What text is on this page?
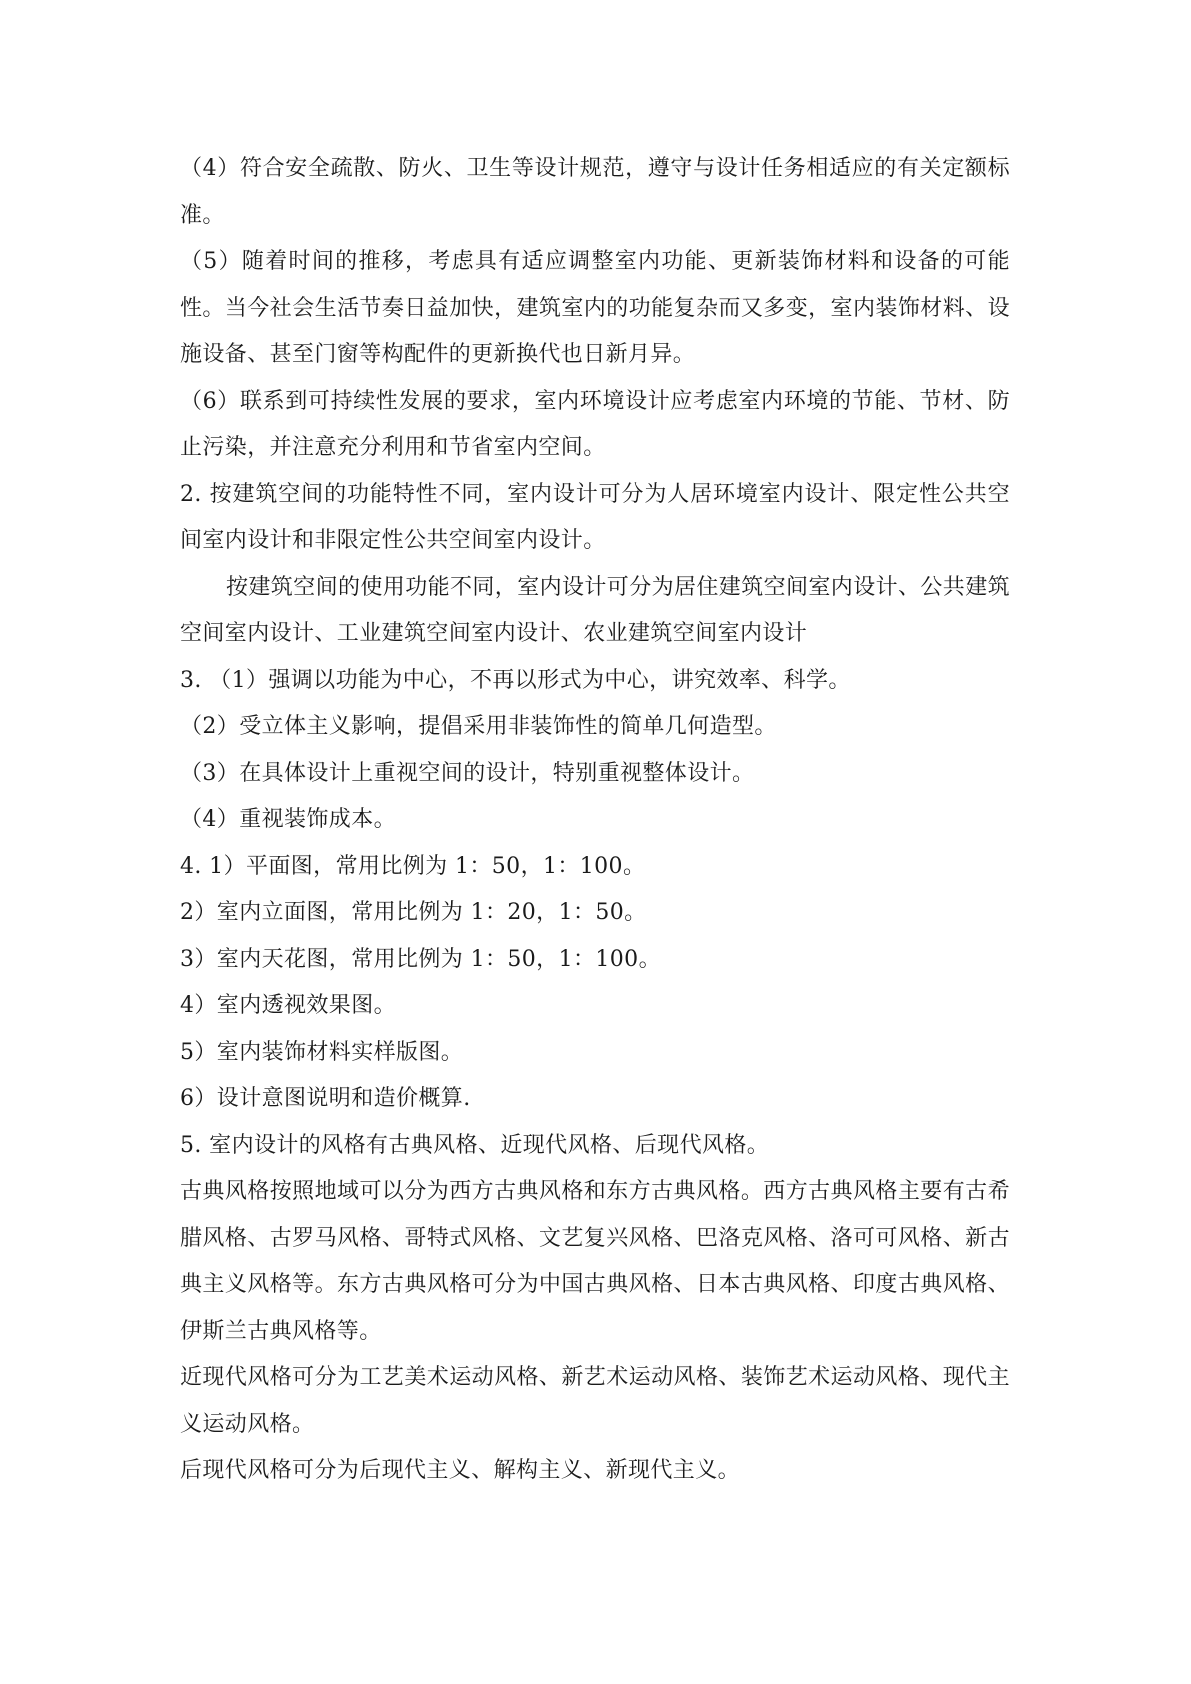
（4）符合安全疏散、防火、卫生等设计规范，遵守与设计任务相适应的有关定额标准。

（5）随着时间的推移，考虑具有适应调整室内功能、更新装饰材料和设备的可能性。当今社会生活节奏日益加快，建筑室内的功能复杂而又多变，室内装饰材料、设施设备、甚至门窗等构配件的更新换代也日新月异。

（6）联系到可持续性发展的要求，室内环境设计应考虑室内环境的节能、节材、防止污染，并注意充分利用和节省室内空间。

2. 按建筑空间的功能特性不同，室内设计可分为人居环境室内设计、限定性公共空间室内设计和非限定性公共空间室内设计。

按建筑空间的使用功能不同，室内设计可分为居住建筑空间室内设计、公共建筑空间室内设计、工业建筑空间室内设计、农业建筑空间室内设计

3. （1）强调以功能为中心，不再以形式为中心，讲究效率、科学。

（2）受立体主义影响，提倡采用非装饰性的简单几何造型。

（3）在具体设计上重视空间的设计，特别重视整体设计。

（4）重视装饰成本。

4. 1）平面图，常用比例为 1：50，1：100。

2）室内立面图，常用比例为 1：20，1：50。

3）室内天花图，常用比例为 1：50，1：100。

4）室内透视效果图。

5）室内装饰材料实样版图。

6）设计意图说明和造价概算.

5. 室内设计的风格有古典风格、近现代风格、后现代风格。

古典风格按照地域可以分为西方古典风格和东方古典风格。西方古典风格主要有古希腊风格、古罗马风格、哥特式风格、文艺复兴风格、巴洛克风格、洛可可风格、新古典主义风格等。东方古典风格可分为中国古典风格、日本古典风格、印度古典风格、伊斯兰古典风格等。

近现代风格可分为工艺美术运动风格、新艺术运动风格、装饰艺术运动风格、现代主义运动风格。

后现代风格可分为后现代主义、解构主义、新现代主义。
